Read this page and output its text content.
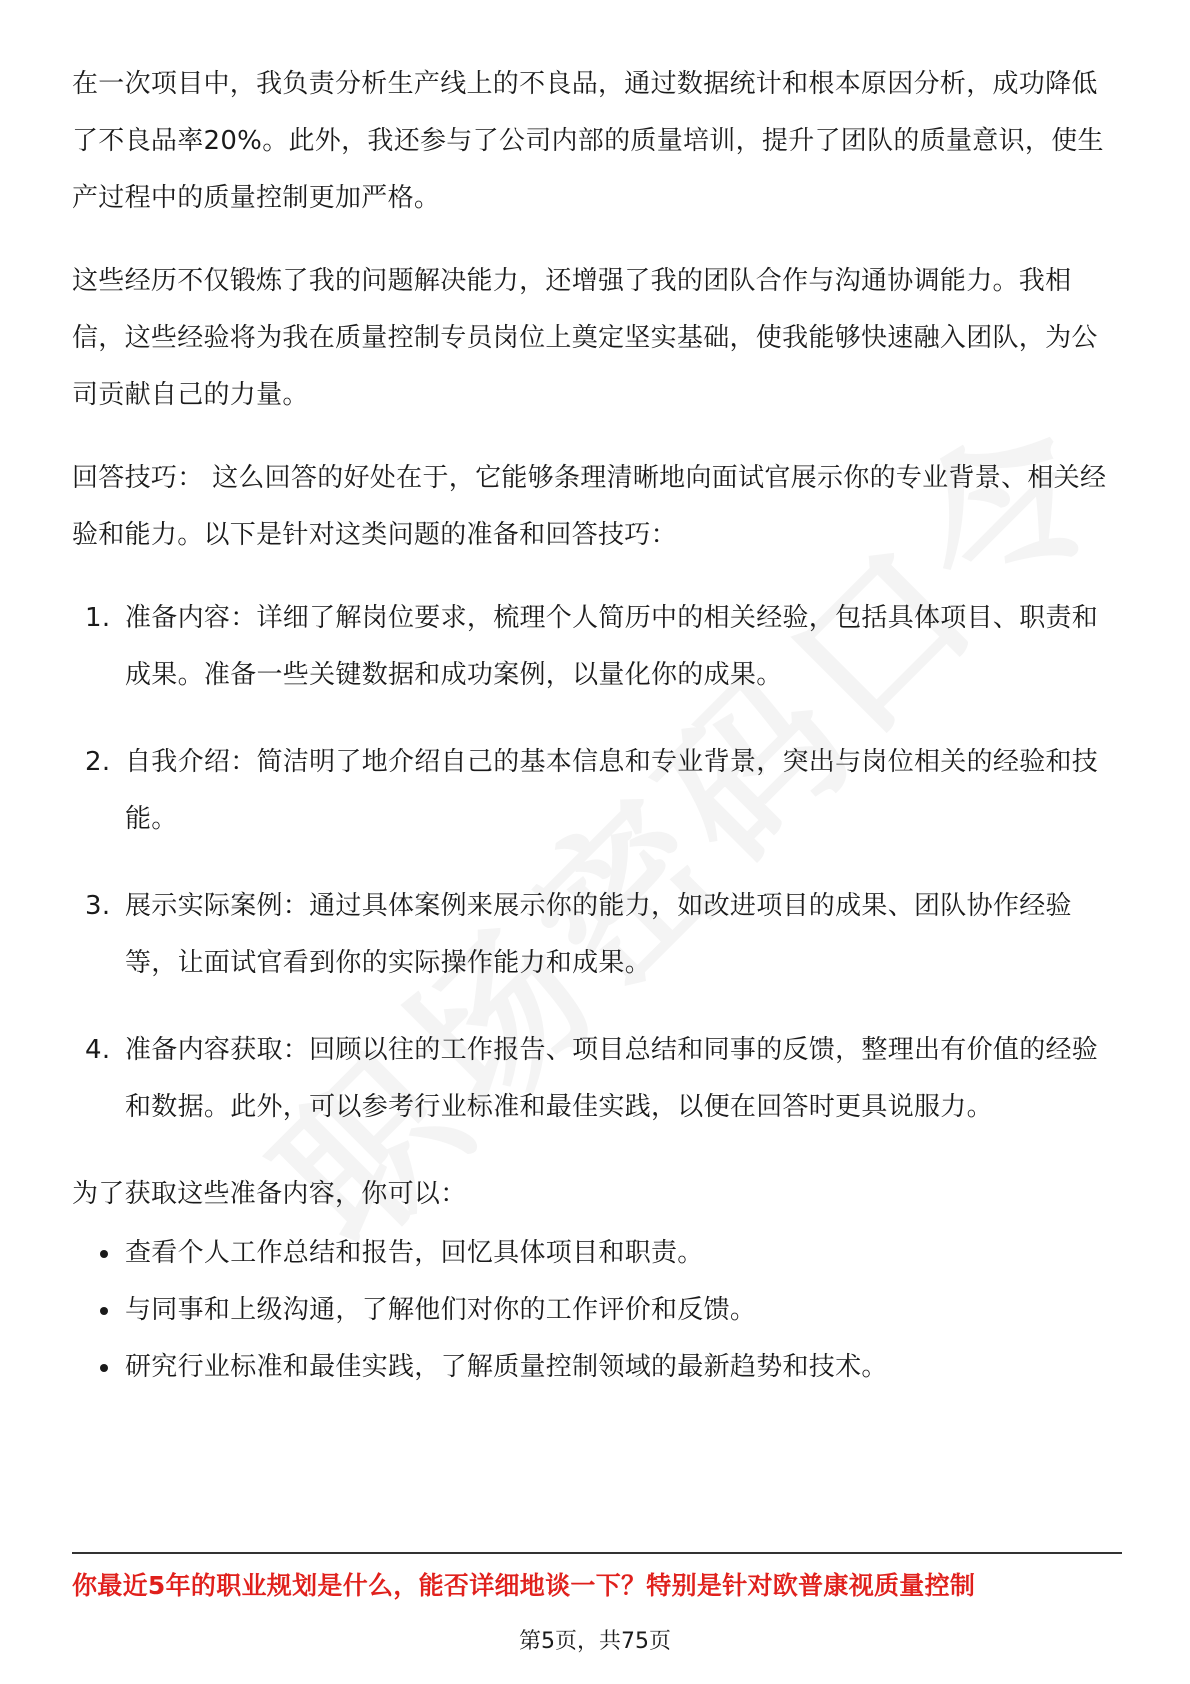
在一次项目中，我负责分析生产线上的不良品，通过数据统计和根本原因分析，成功降低了不良品率20%。此外，我还参与了公司内部的质量培训，提升了团队的质量意识，使生产过程中的质量控制更加严格。

这些经历不仅锻炼了我的问题解决能力，还增强了我的团队合作与沟通协调能力。我相信，这些经验将为我在质量控制专员岗位上奠定坚实基础，使我能够快速融入团队，为公司贡献自己的力量。

回答技巧： 这么回答的好处在于，它能够条理清晰地向面试官展示你的专业背景、相关经验和能力。以下是针对这类问题的准备和回答技巧：

1. 准备内容：详细了解岗位要求，梳理个人简历中的相关经验，包括具体项目、职责和成果。准备一些关键数据和成功案例，以量化你的成果。
2. 自我介绍：简洁明了地介绍自己的基本信息和专业背景，突出与岗位相关的经验和技能。
3. 展示实际案例：通过具体案例来展示你的能力，如改进项目的成果、团队协作经验等，让面试官看到你的实际操作能力和成果。
4. 准备内容获取：回顾以往的工作报告、项目总结和同事的反馈，整理出有价值的经验和数据。此外，可以参考行业标准和最佳实践，以便在回答时更具说服力。

为了获取这些准备内容，你可以：

查看个人工作总结和报告，回忆具体项目和职责。
与同事和上级沟通，了解他们对你的工作评价和反馈。
研究行业标准和最佳实践，了解质量控制领域的最新趋势和技术。
你最近5年的职业规划是什么，能否详细地谈一下？特别是针对欧普康视质量控制
第5页，共75页
